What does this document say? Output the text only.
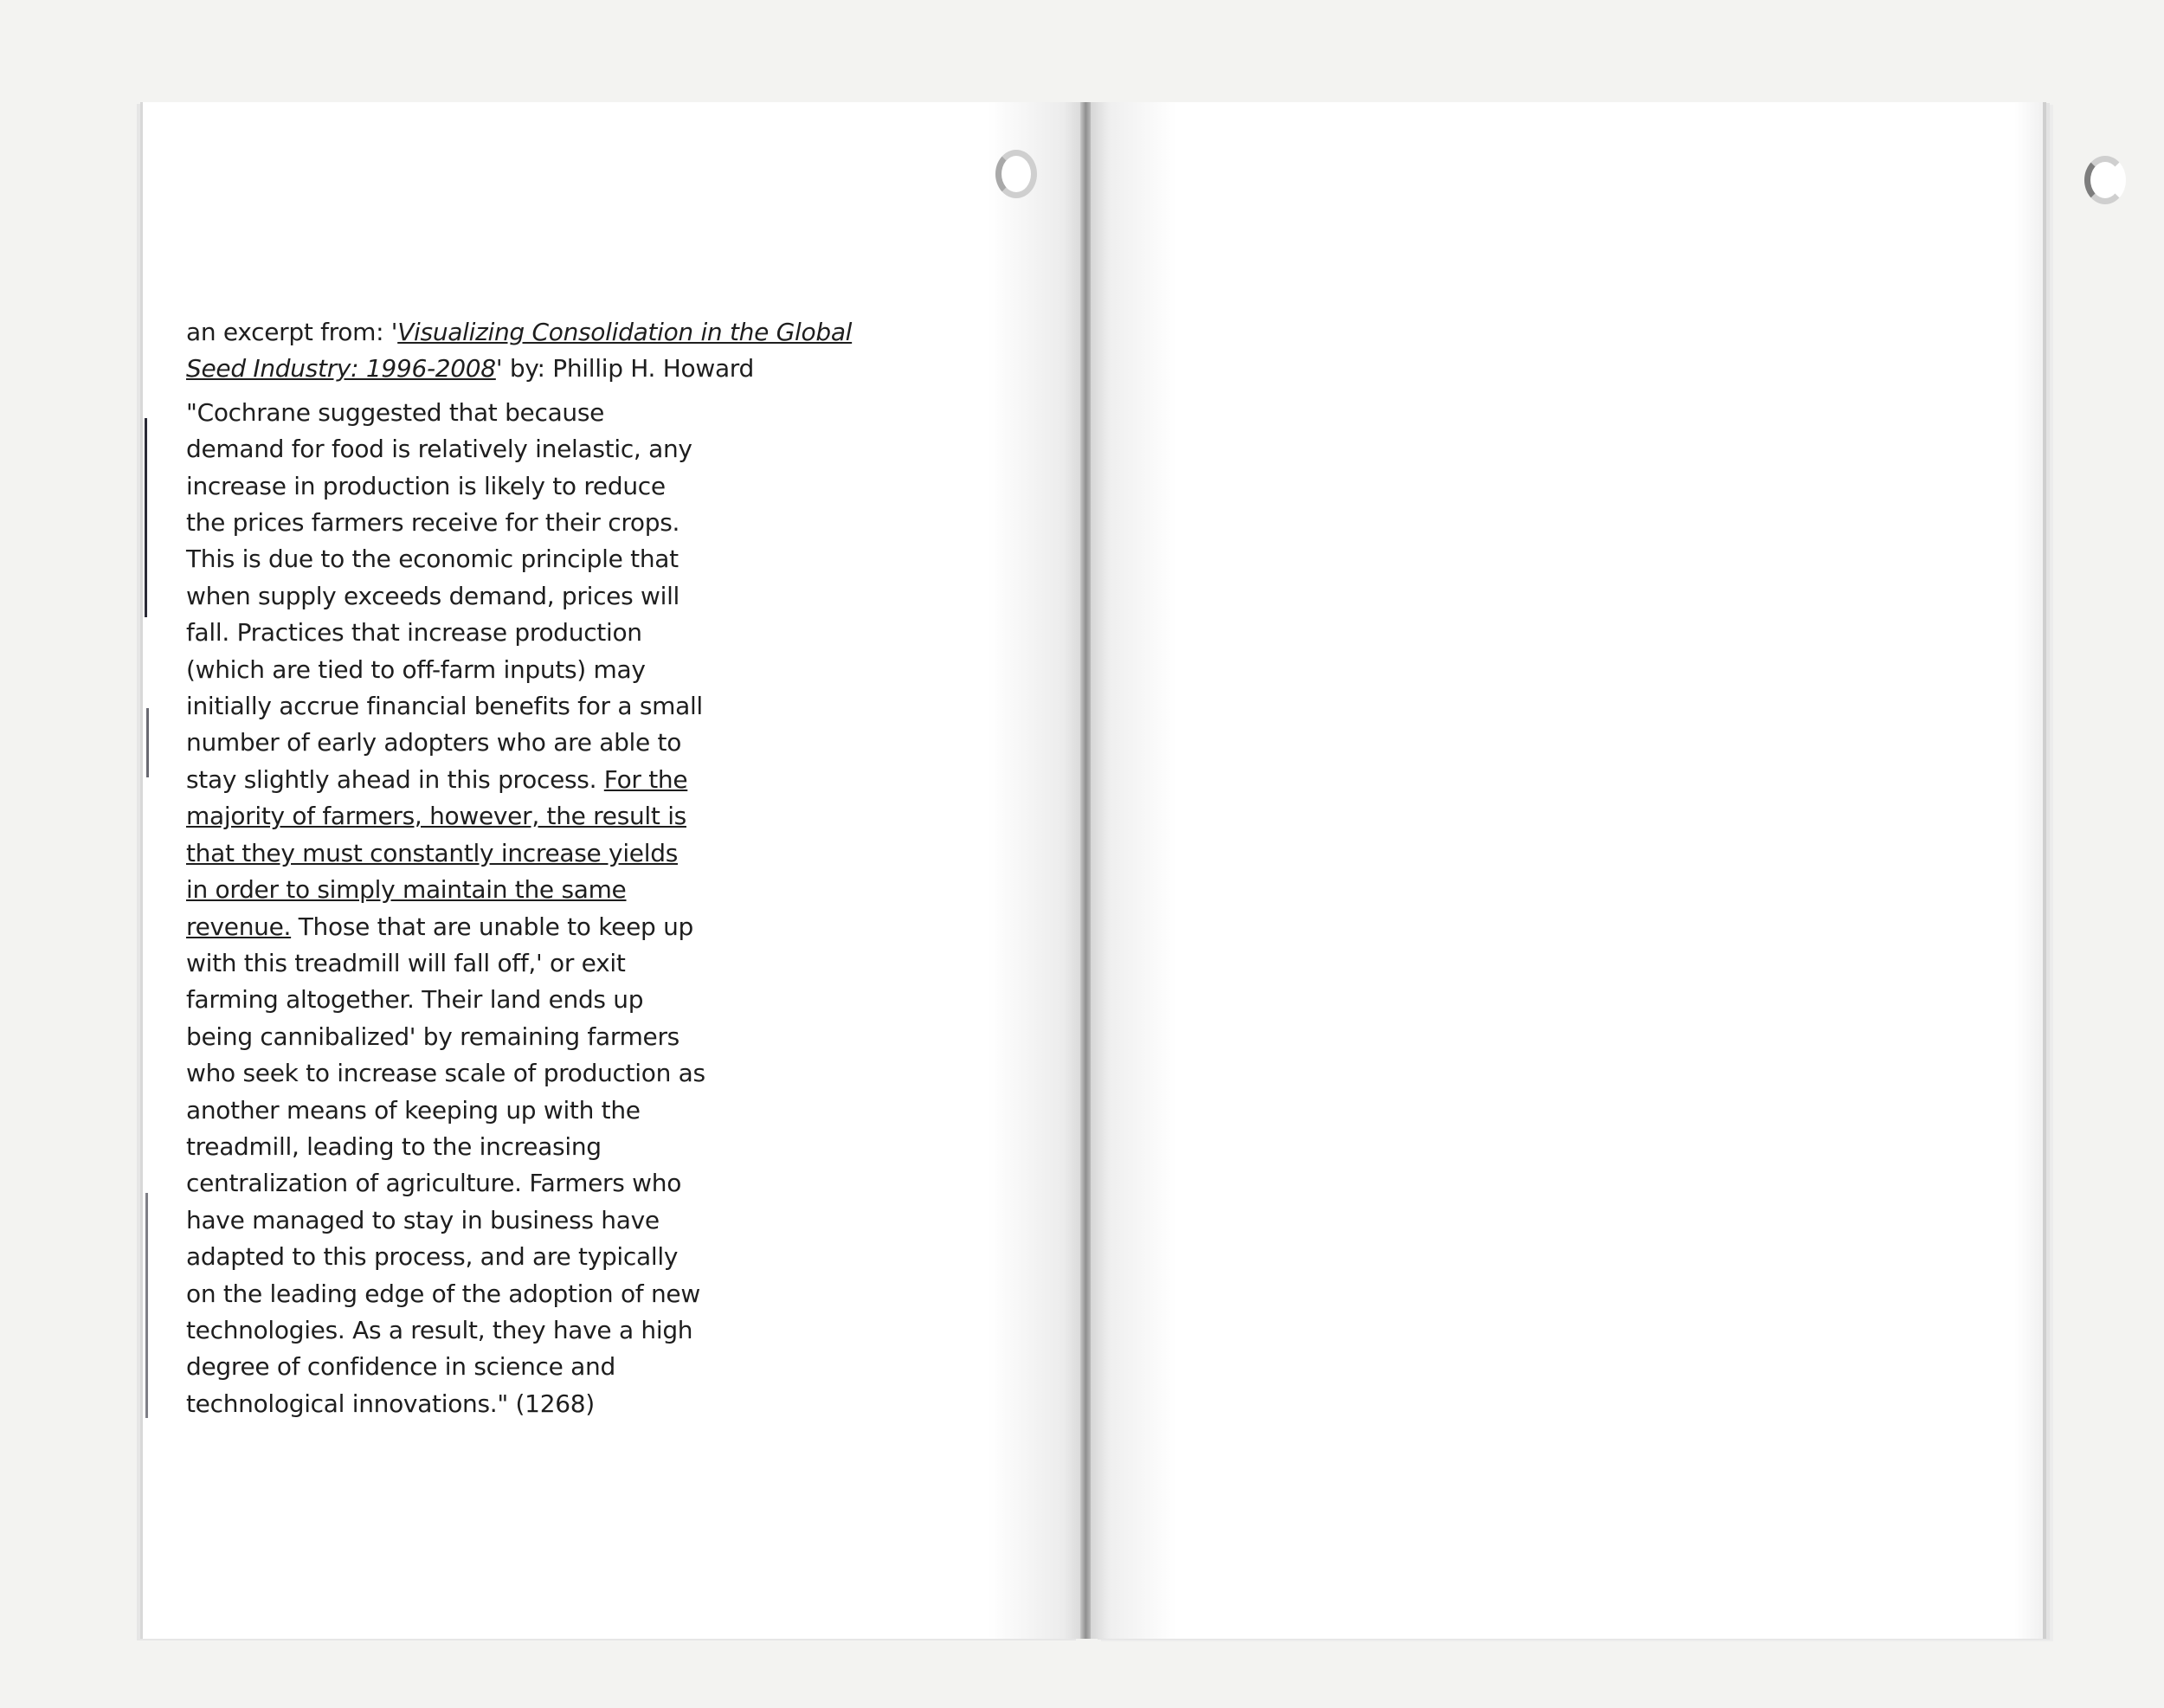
an excerpt from: 'Visualizing Consolidation in the Global Seed Industry: 1996-2008' by: Phillip H. Howard
"Cochrane suggested that because demand for food is relatively inelastic, any increase in production is likely to reduce the prices farmers receive for their crops. This is due to the economic principle that when supply exceeds demand, prices will fall. Practices that increase production (which are tied to off-farm inputs) may initially accrue financial benefits for a small number of early adopters who are able to stay slightly ahead in this process. For the majority of farmers, however, the result is that they must constantly increase yields in order to simply maintain the same revenue. Those that are unable to keep up with this treadmill will fall off,' or exit farming altogether. Their land ends up being cannibalized' by remaining farmers who seek to increase scale of production as another means of keeping up with the treadmill, leading to the increasing centralization of agriculture. Farmers who have managed to stay in business have adapted to this process, and are typically on the leading edge of the adoption of new technologies. As a result, they have a high degree of confidence in science and technological innovations." (1268)
